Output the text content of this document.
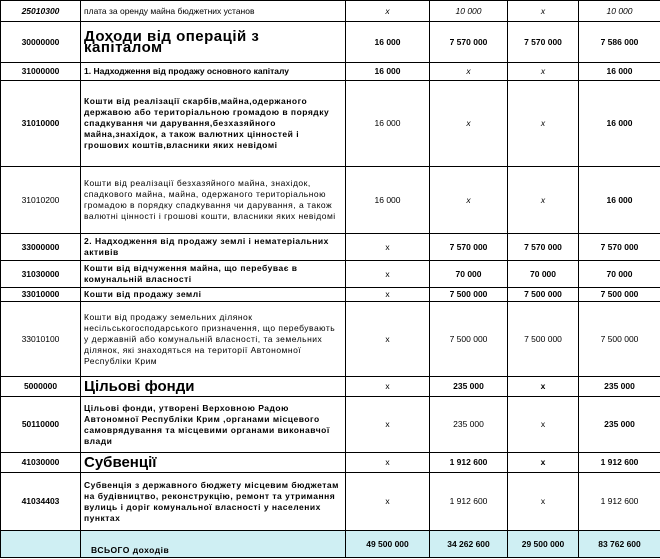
25010300	плата за оренду майна бюджетних установ	x	10 000	x	10 000
30000000	Доходи від операцій з капіталом	16 000	7 570 000	7 570 000	7 586 000
31000000	1. Надходження від продажу основного капіталу	16 000	x	x	16 000
31010000	Кошти від реалізації скарбів,майна,одержаного державою або територіальною громадою в порядку спадкування чи дарування,безхазяйного майна,знахідок, а також валютних цінностей і грошових коштів,власники яких невідомі	16 000	x	x	16 000
31010200	Кошти від реалізації безхазяйного майна, знахідок, спадкового майна, майна, одержаного територіальною громадою в порядку спадкування чи дарування, а також валютні цінності і грошові кошти, власники яких невідомі	16 000	x	x	16 000
33000000	2. Надходження від продажу землі і нематеріальних активів	x	7 570 000	7 570 000	7 570 000
31030000	Кошти від відчуження майна, що перебуває в комунальній власності	x	70 000	70 000	70 000
33010000	Кошти від продажу землі	x	7 500 000	7 500 000	7 500 000
33010100	Кошти від продажу земельних ділянок несільськогосподарського призначення, що перебувають у державній або комунальній власності, та земельних ділянок, які знаходяться на території Автономної Республіки Крим	x	7 500 000	7 500 000	7 500 000
5000000	Цільові фонди	x	235 000	x	235 000
50110000	Цільові фонди, утворені Верховною Радою Автономної Республіки Крим ,органами місцевого самоврядування та місцевими органами виконавчої влади	x	235 000	x	235 000
41030000	Субвенції	x	1 912 600	x	1 912 600
41034403	Субвенція з державного бюджету місцевим бюджетам на будівництво, реконструкцію, ремонт та утримання вулиць і доріг комунальної власності у населених пунктах	x	1 912 600	x	1 912 600
	ВСЬОГО доходів	49 500 000	34 262 600	29 500 000	83 762 600
